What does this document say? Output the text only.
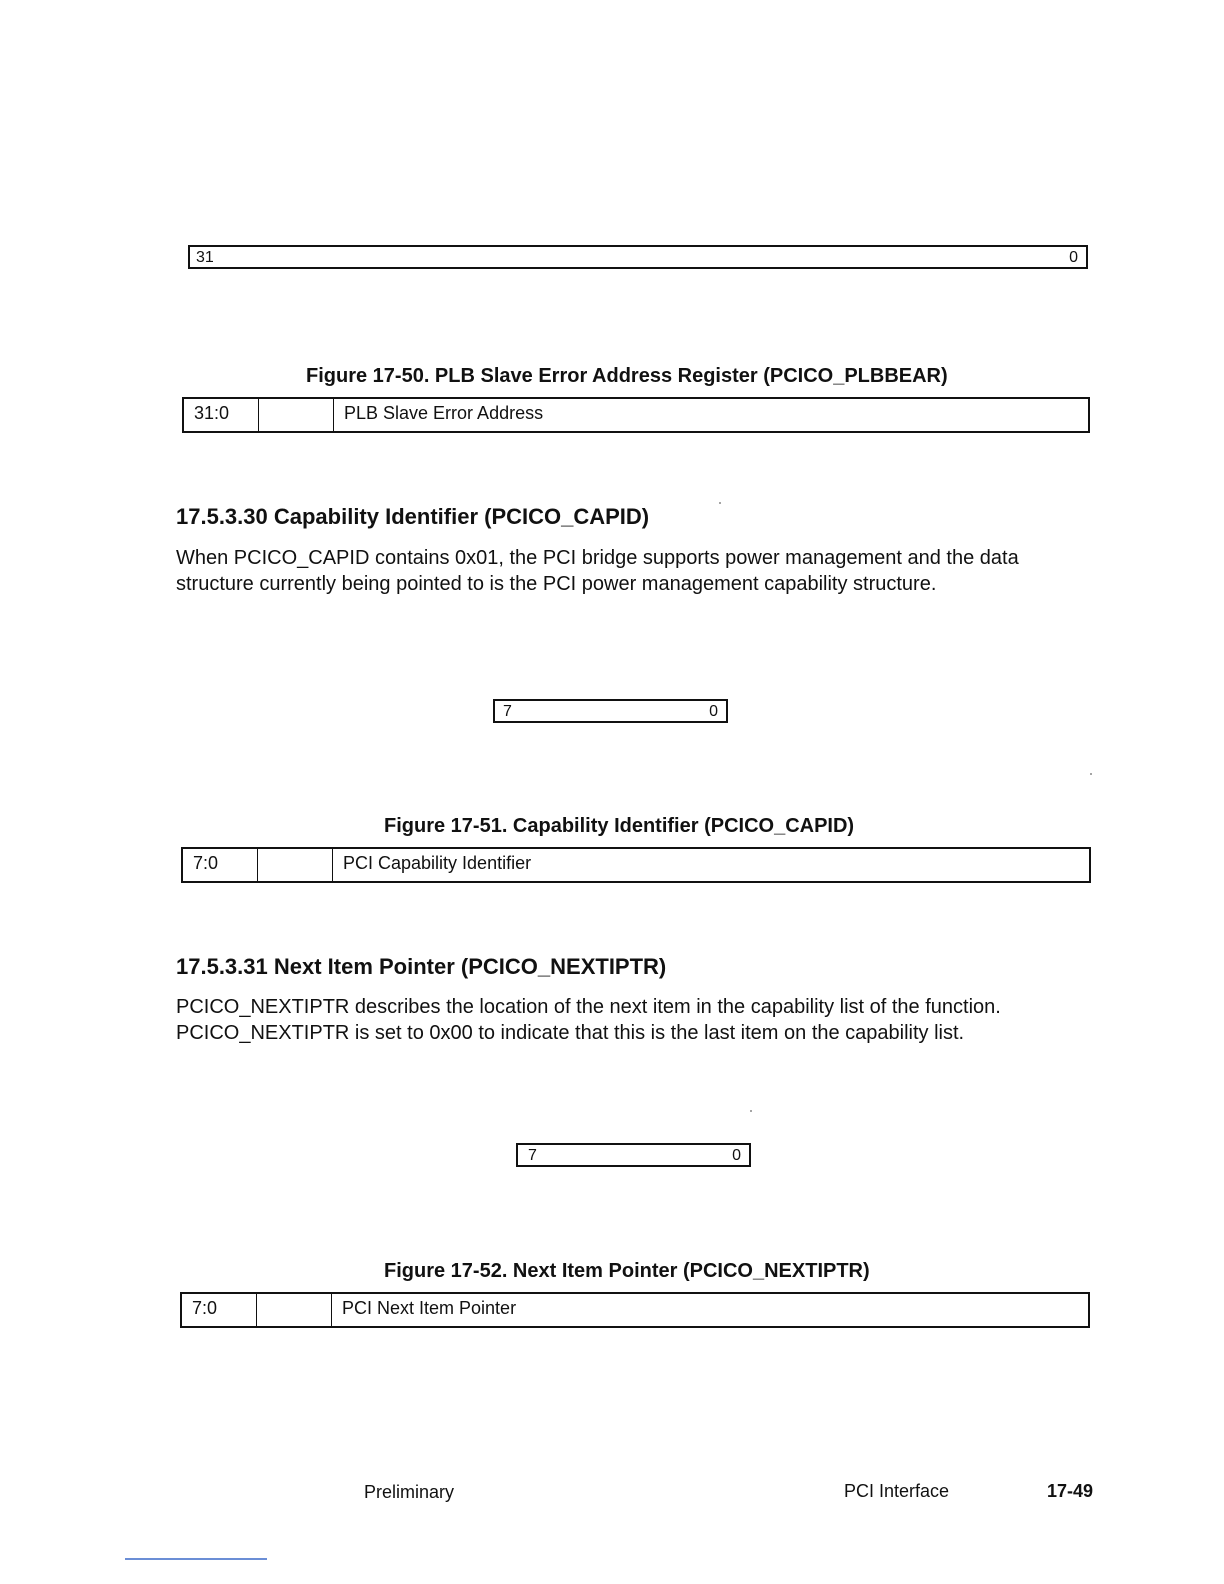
31	0
Figure 17-50. PLB Slave Error Address Register (PCICO_PLBBEAR)
31:0		PLB Slave Error Address
17.5.3.30 Capability Identifier (PCICO_CAPID)
When PCICO_CAPID contains 0x01, the PCI bridge supports power management and the data
structure currently being pointed to is the PCI power management capability structure.
7	0
Figure 17-51. Capability Identifier (PCICO_CAPID)
7:0		PCI Capability Identifier
17.5.3.31 Next Item Pointer (PCICO_NEXTIPTR)
PCICO_NEXTIPTR describes the location of the next item in the capability list of the function.
PCICO_NEXTIPTR is set to 0x00 to indicate that this is the last item on the capability list.
7	0
Figure 17-52. Next Item Pointer (PCICO_NEXTIPTR)
7:0		PCI Next Item Pointer
Preliminary	PCI Interface	17-49
